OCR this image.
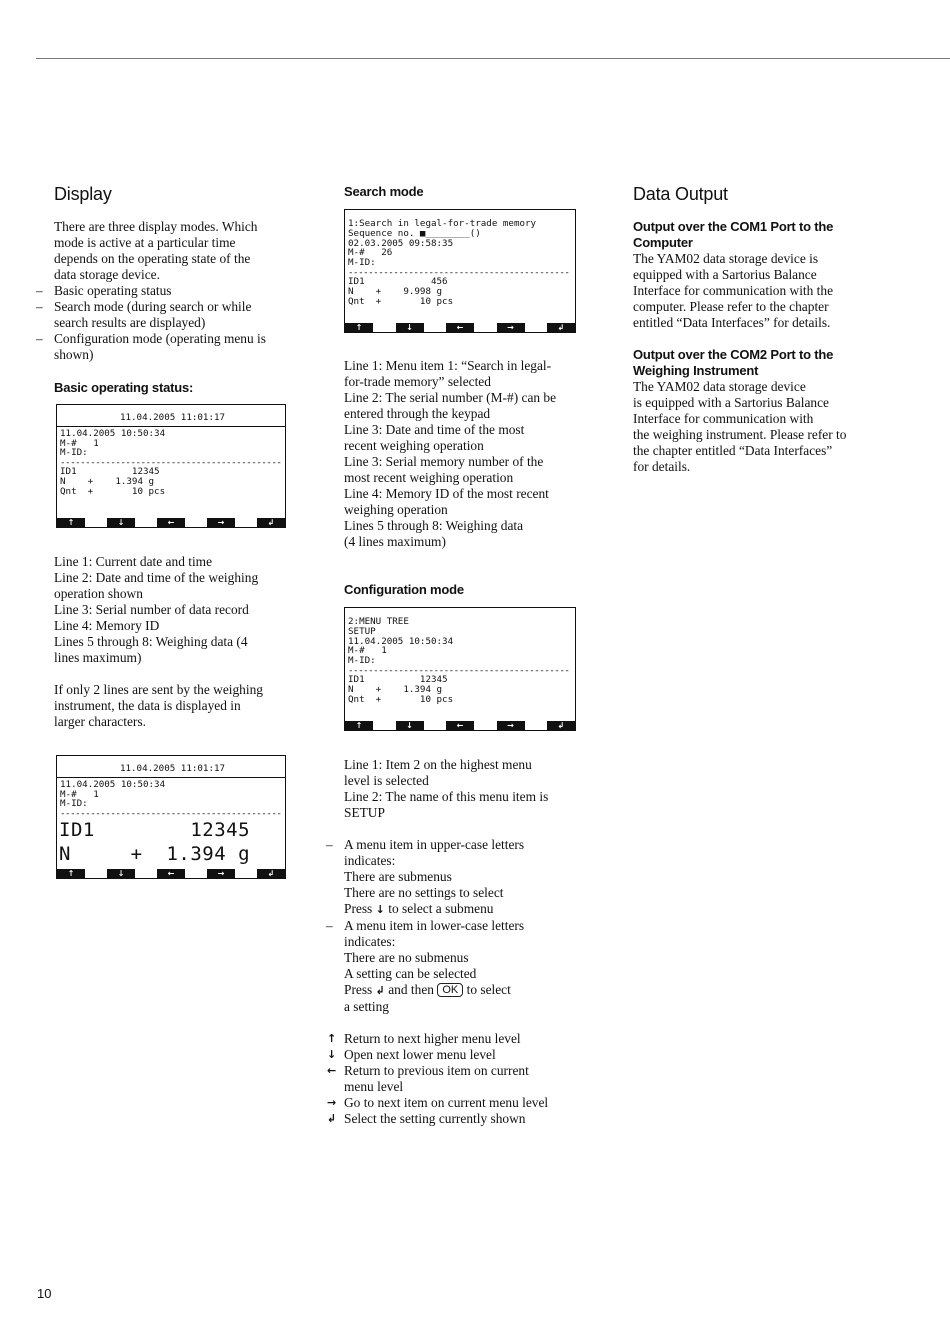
Display

There are three display modes. Which

mode is active at a particular time

depends on the operating state of the

data storage device.

– Basic operating status

– Search mode (during search or while

search results are displayed)

– Configuration mode (operating menu is

shown)

Basic operating status:
11.04.2005 11:01:17
11.04.2005 10:50:34
M-#   1
M-ID:
--------------------------------------------
ID1          12345
N    +    1.394 g
Qnt  +       10 pcs
↑	↓	←	→	↲

Line 1: Current date and time

Line 2: Date and time of the weighing

operation shown

Line 3: Serial number of data record

Line 4: Memory ID

Lines 5 through 8: Weighing data (4

lines maximum)

If only 2 lines are sent by the weighing

instrument, the data is displayed in

larger characters.

11.04.2005 11:01:17
11.04.2005 10:50:34
M-#   1
M-ID:
--------------------------------------------
ID1        12345
N     +  1.394 g
↑	↓	←	→	↲
Search mode
1:Search in legal-for-trade memory
Sequence no. ■________()
02.03.2005 09:58:35
M-#   26
M-ID:
--------------------------------------------
ID1            456
N    +    9.998 g
Qnt  +       10 pcs
↑	↓	←	→	↲

Line 1: Menu item 1: “Search in legal-

for-trade memory” selected

Line 2: The serial number (M-#) can be

entered through the keypad

Line 3: Date and time of the most

recent weighing operation

Line 3: Serial memory number of the

most recent weighing operation

Line 4: Memory ID of the most recent

weighing operation

Lines 5 through 8: Weighing data

(4 lines maximum)

Configuration mode
2:MENU TREE
SETUP
11.04.2005 10:50:34
M-#   1
M-ID:
--------------------------------------------
ID1          12345
N    +    1.394 g
Qnt  +       10 pcs
↑	↓	←	→	↲

Line 1: Item 2 on the highest menu

level is selected

Line 2: The name of this menu item is

SETUP

– A menu item in upper-case letters

indicates:

There are submenus

There are no settings to select

Press ↓ to select a submenu

– A menu item in lower-case letters

indicates:

There are no submenus

A setting can be selected

Press ↲ and then OK to select

a setting

↑ Return to next higher menu level

↓ Open next lower menu level

← Return to previous item on current

menu level

→ Go to next item on current menu level

↲ Select the setting currently shown

Data Output
Output over the COM1 Port to the
Computer

The YAM02 data storage device is

equipped with a Sartorius Balance

Interface for communication with the

computer. Please refer to the chapter

entitled “Data Interfaces” for details.

Output over the COM2 Port to the
Weighing Instrument

The YAM02 data storage device

is equipped with a Sartorius Balance

Interface for communication with

the weighing instrument. Please refer to

the chapter entitled “Data Interfaces”

for details.

10
